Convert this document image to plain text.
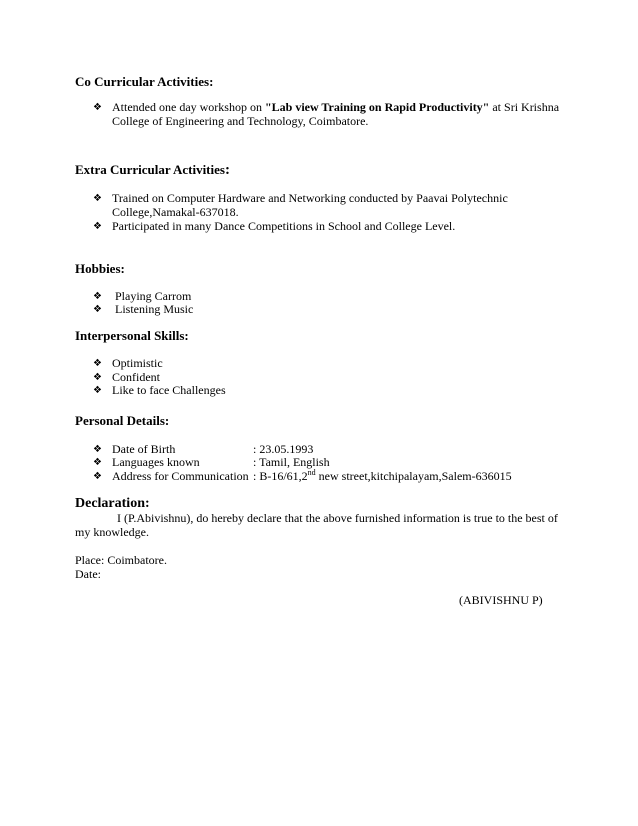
Co Curricular Activities:
❖ Attended one day workshop on "Lab view Training on Rapid Productivity" at Sri Krishna
College of Engineering and Technology, Coimbatore.
Extra Curricular Activities:
❖ Trained on Computer Hardware and Networking conducted by Paavai Polytechnic
College,Namakal-637018.
❖ Participated in many Dance Competitions in School and College Level.
Hobbies:
❖ Playing Carrom
❖ Listening Music
Interpersonal Skills:
❖ Optimistic
❖ Confident
❖ Like to face Challenges
Personal Details:
❖ Date of Birth	: 23.05.1993
❖ Languages known	: Tamil, English
❖ Address for Communication : B-16/61,2nd new street,kitchipalayam,Salem-636015
Declaration:
I (P.Abivishnu), do hereby declare that the above furnished information is true to the best of
my knowledge.
Place: Coimbatore.
Date:
(ABIVISHNU P)
